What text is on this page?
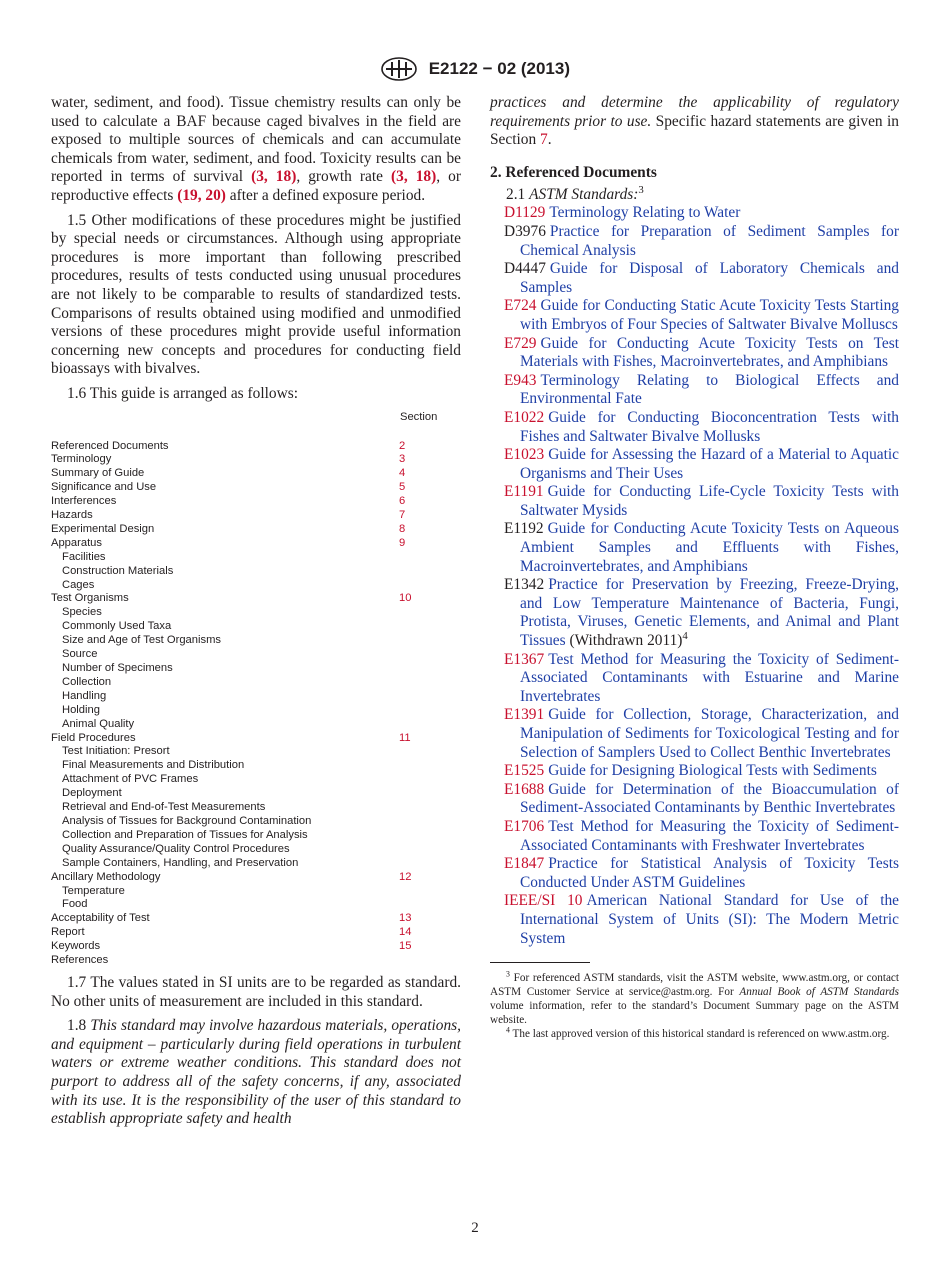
E2122 − 02 (2013)

water, sediment, and food). Tissue chemistry results can only be used to calculate a BAF because caged bivalves in the field are exposed to multiple sources of chemicals and can accumulate chemicals from water, sediment, and food. Toxicity results can be reported in terms of survival (3, 18), growth rate (3, 18), or reproductive effects (19, 20) after a defined exposure period.

1.5 Other modifications of these procedures might be justified by special needs or circumstances. Although using appropriate procedures is more important than following prescribed procedures, results of tests conducted using unusual procedures are not likely to be comparable to results of standardized tests. Comparisons of results obtained using modified and unmodified versions of these procedures might provide useful information concerning new concepts and procedures for conducting field bioassays with bivalves.

1.6 This guide is arranged as follows:

	Section
Referenced Documents	2
Terminology	3
Summary of Guide	4
Significance and Use	5
Interferences	6
Hazards	7
Experimental Design	8
Apparatus	9
Facilities	
Construction Materials	
Cages	
Test Organisms	10
Species	
Commonly Used Taxa	
Size and Age of Test Organisms	
Source	
Number of Specimens	
Collection	
Handling	
Holding	
Animal Quality	
Field Procedures	11
Test Initiation: Presort	
Final Measurements and Distribution	
Attachment of PVC Frames	
Deployment	
Retrieval and End-of-Test Measurements	
Analysis of Tissues for Background Contamination	
Collection and Preparation of Tissues for Analysis	
Quality Assurance/Quality Control Procedures	
Sample Containers, Handling, and Preservation	
Ancillary Methodology	12
Temperature	
Food	
Acceptability of Test	13
Report	14
Keywords	15
References	

1.7 The values stated in SI units are to be regarded as standard. No other units of measurement are included in this standard.

1.8 This standard may involve hazardous materials, operations, and equipment – particularly during field operations in turbulent waters or extreme weather conditions. This standard does not purport to address all of the safety concerns, if any, associated with its use. It is the responsibility of the user of this standard to establish appropriate safety and health

practices and determine the applicability of regulatory requirements prior to use. Specific hazard statements are given in Section 7.

2. Referenced Documents

2.1 ASTM Standards:$^3$

D1129 Terminology Relating to Water

D3976 Practice for Preparation of Sediment Samples for Chemical Analysis

D4447 Guide for Disposal of Laboratory Chemicals and Samples

E724 Guide for Conducting Static Acute Toxicity Tests Starting with Embryos of Four Species of Saltwater Bivalve Molluscs

E729 Guide for Conducting Acute Toxicity Tests on Test Materials with Fishes, Macroinvertebrates, and Amphibians

E943 Terminology Relating to Biological Effects and Environmental Fate

E1022 Guide for Conducting Bioconcentration Tests with Fishes and Saltwater Bivalve Mollusks

E1023 Guide for Assessing the Hazard of a Material to Aquatic Organisms and Their Uses

E1191 Guide for Conducting Life-Cycle Toxicity Tests with Saltwater Mysids

E1192 Guide for Conducting Acute Toxicity Tests on Aqueous Ambient Samples and Effluents with Fishes, Macroinvertebrates, and Amphibians

E1342 Practice for Preservation by Freezing, Freeze-Drying, and Low Temperature Maintenance of Bacteria, Fungi, Protista, Viruses, Genetic Elements, and Animal and Plant Tissues (Withdrawn 2011)$^4$

E1367 Test Method for Measuring the Toxicity of Sediment-Associated Contaminants with Estuarine and Marine Invertebrates

E1391 Guide for Collection, Storage, Characterization, and Manipulation of Sediments for Toxicological Testing and for Selection of Samplers Used to Collect Benthic Invertebrates

E1525 Guide for Designing Biological Tests with Sediments

E1688 Guide for Determination of the Bioaccumulation of Sediment-Associated Contaminants by Benthic Invertebrates

E1706 Test Method for Measuring the Toxicity of Sediment-Associated Contaminants with Freshwater Invertebrates

E1847 Practice for Statistical Analysis of Toxicity Tests Conducted Under ASTM Guidelines

IEEE/SI 10 American National Standard for Use of the International System of Units (SI): The Modern Metric System

$^3$ For referenced ASTM standards, visit the ASTM website, www.astm.org, or contact ASTM Customer Service at service@astm.org. For Annual Book of ASTM Standards volume information, refer to the standard’s Document Summary page on the ASTM website.

$^4$ The last approved version of this historical standard is referenced on www.astm.org.

2
